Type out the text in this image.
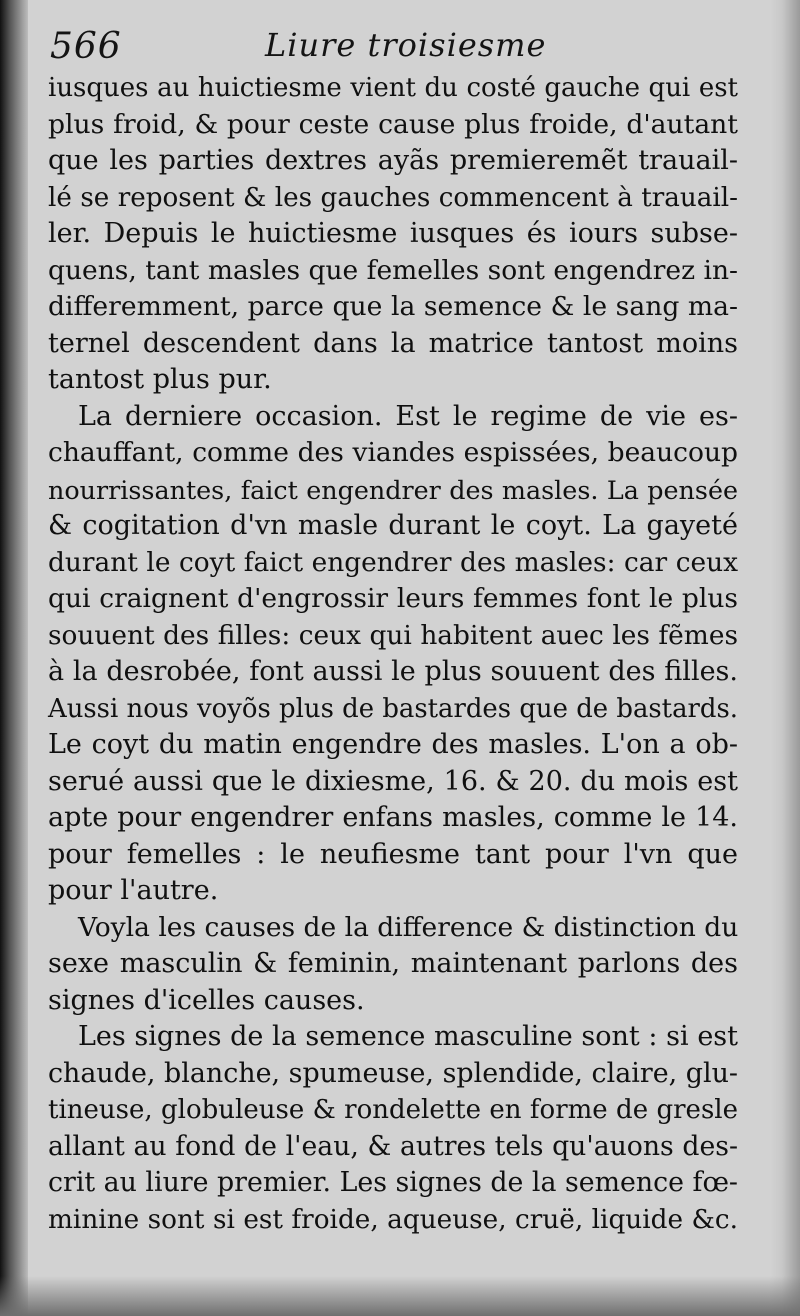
566	Liure troisiesme
iusques au huictiesme vient du costé gauche qui est
plus froid, & pour ceste cause plus froide, d'autant
que les parties dextres ayãs premieremẽt trauail-
lé se reposent & les gauches commencent à trauail-
ler. Depuis le huictiesme iusques és iours subse-
quens, tant masles que femelles sont engendrez in-
differemment, parce que la semence & le sang ma-
ternel descendent dans la matrice tantost moins
tantost plus pur.
La derniere occasion. Est le regime de vie es-
chauffant, comme des viandes espissées, beaucoup
nourrissantes, faict engendrer des masles. La pensée
& cogitation d'vn masle durant le coyt. La gayeté
durant le coyt faict engendrer des masles: car ceux
qui craignent d'engrossir leurs femmes font le plus
souuent des filles: ceux qui habitent auec les fẽmes
à la desrobée, font aussi le plus souuent des filles.
Aussi nous voyõs plus de bastardes que de bastards.
Le coyt du matin engendre des masles. L'on a ob-
serué aussi que le dixiesme, 16. & 20. du mois est
apte pour engendrer enfans masles, comme le 14.
pour femelles : le neufiesme tant pour l'vn que
pour l'autre.
Voyla les causes de la difference & distinction du
sexe masculin & feminin, maintenant parlons des
signes d'icelles causes.
Les signes de la semence masculine sont : si est
chaude, blanche, spumeuse, splendide, claire, glu-
tineuse, globuleuse & rondelette en forme de gresle
allant au fond de l'eau, & autres tels qu'auons des-
crit au liure premier. Les signes de la semence fœ-
minine sont si est froide, aqueuse, cruë, liquide &c.
